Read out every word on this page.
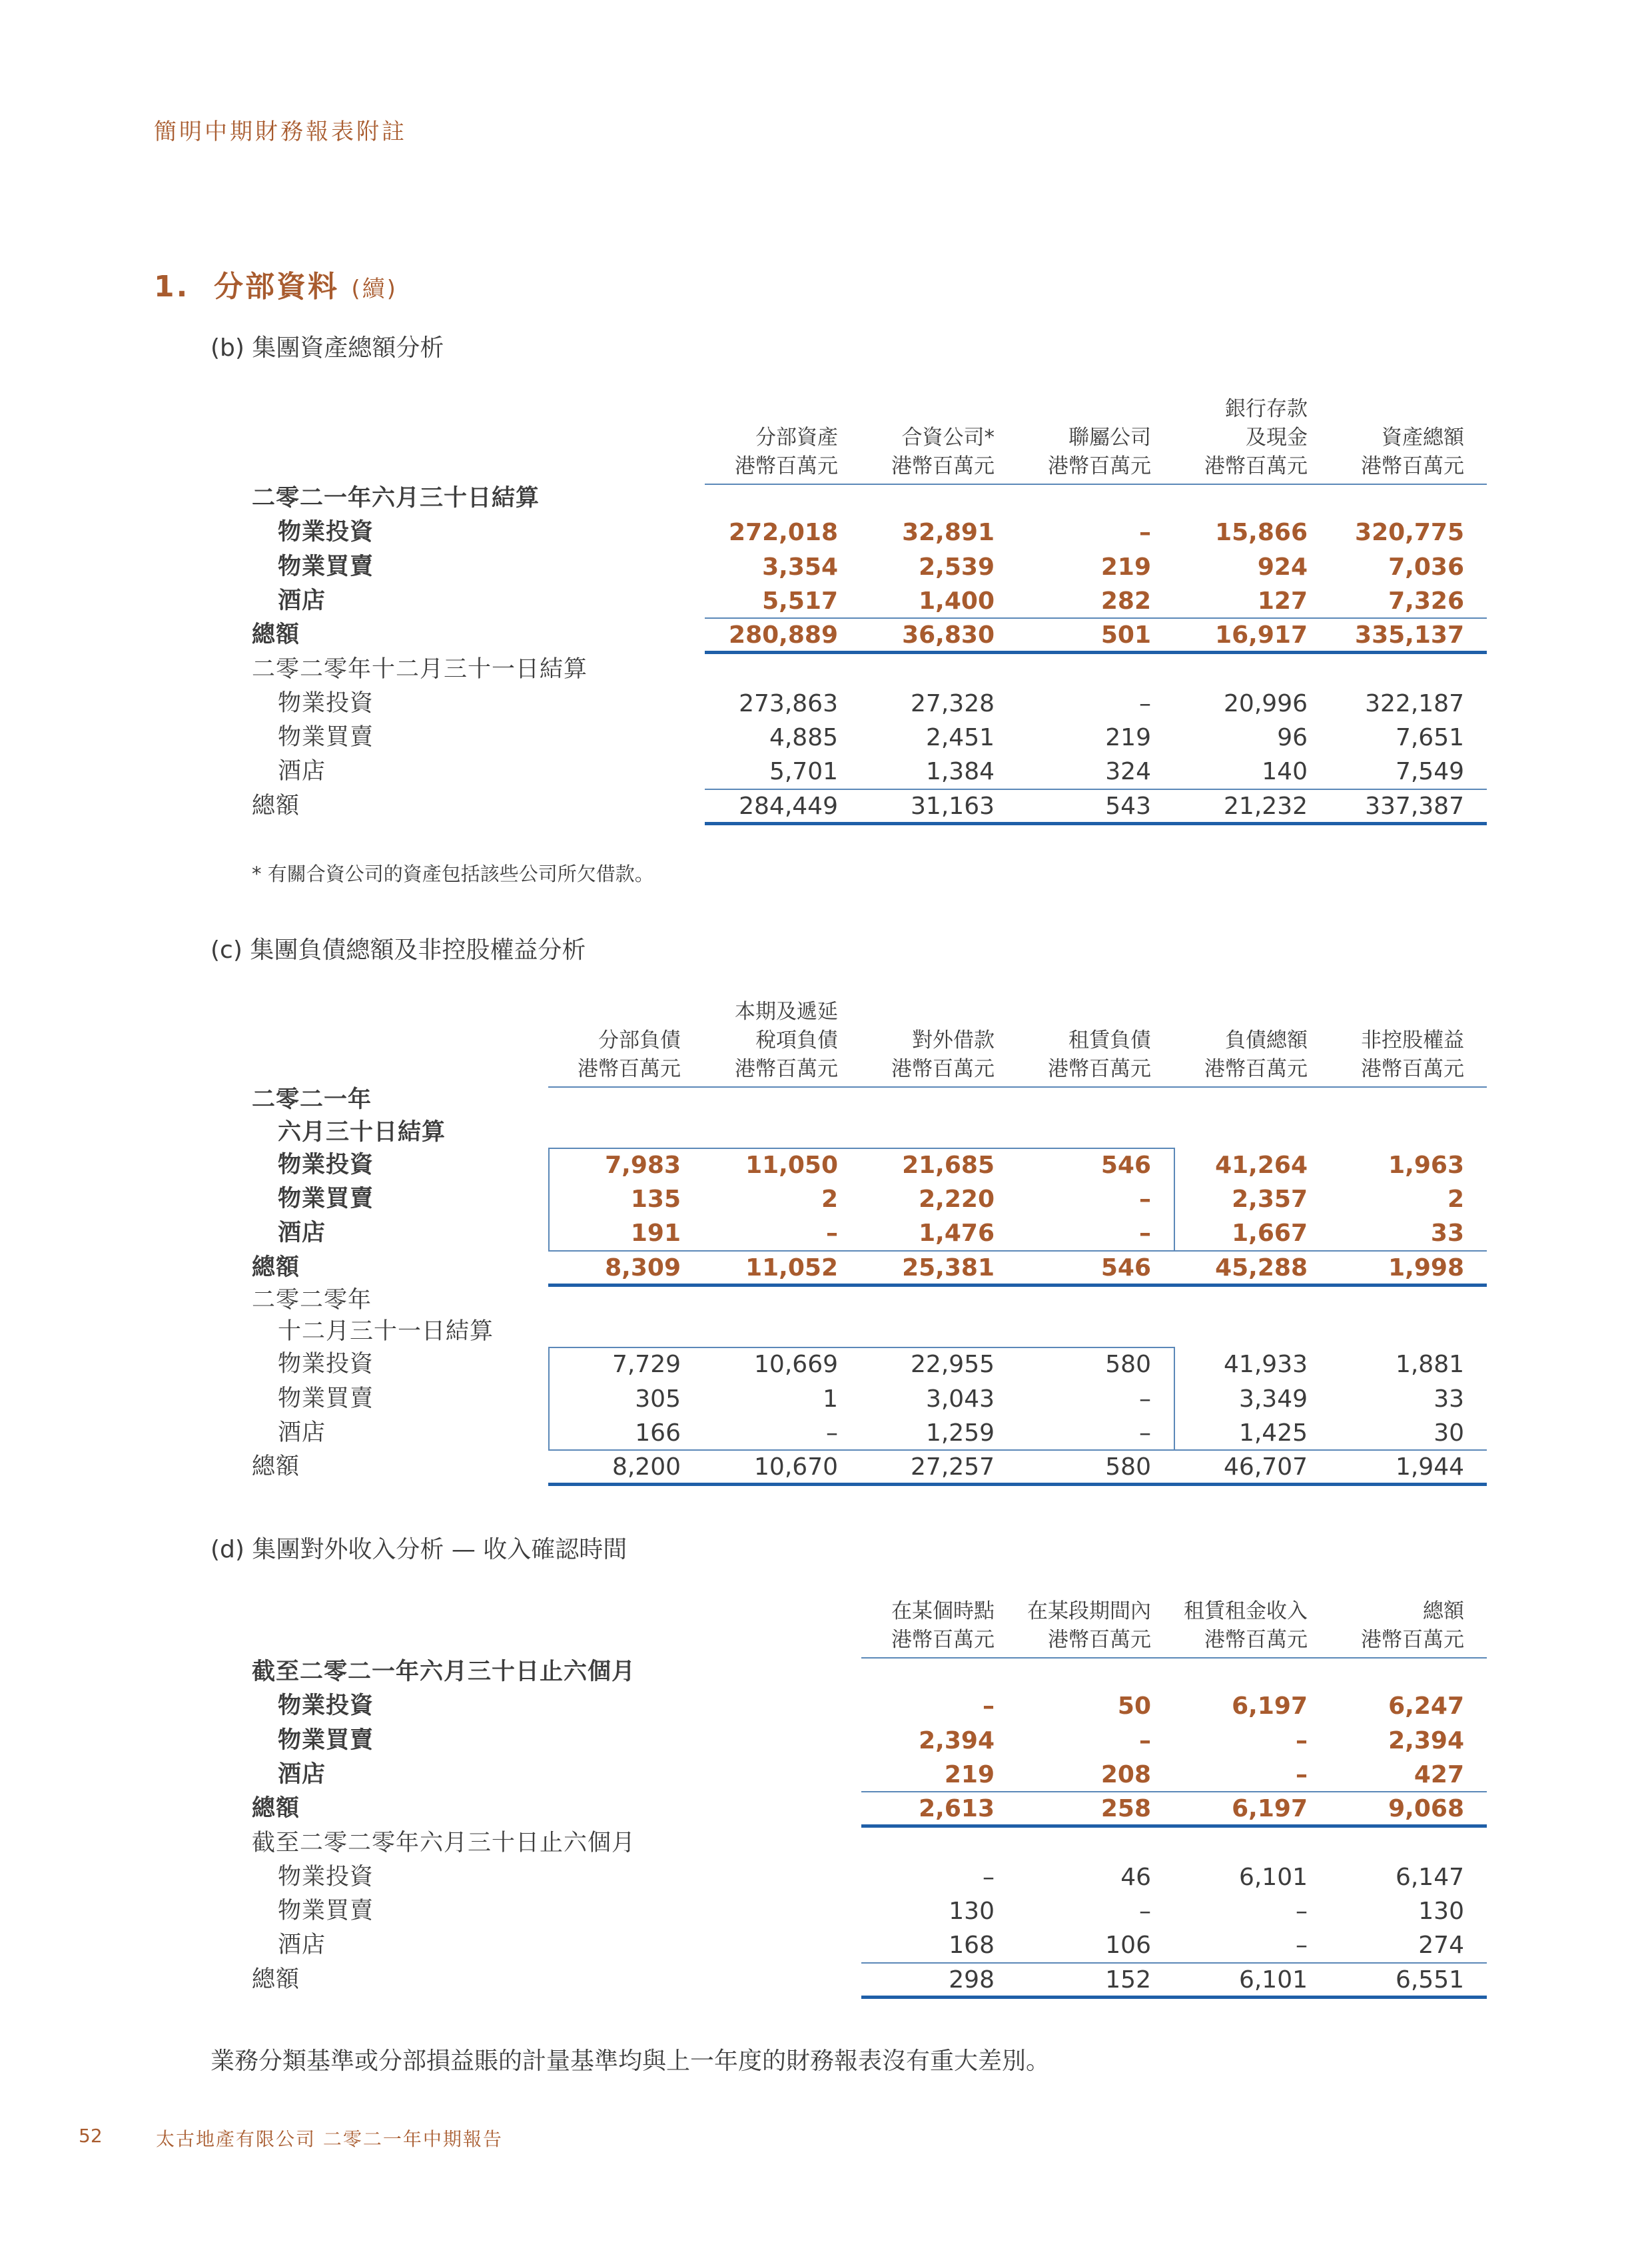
簡明中期財務報表附註
1. 分部資料 (續)
(b) 集團資產總額分析
分部資產
港幣百萬元
合資公司*
港幣百萬元
聯屬公司
港幣百萬元
銀行存款
及現金
港幣百萬元
資產總額
港幣百萬元
二零二一年六月三十日結算
物業投資	272,018	32,891	–	15,866 320,775
物業買賣	3,354	2,539	219	924	7,036
酒店	5,517	1,400	282	127	7,326
總額	280,889	36,830	501	16,917 335,137
二零二零年十二月三十一日結算
物業投資	273,863	27,328	–	20,996 322,187
物業買賣	4,885	2,451	219	96	7,651
酒店	5,701	1,384	324	140	7,549
總額	284,449	31,163	543	21,232 337,387
* 有關合資公司的資產包括該些公司所欠借款。
(c) 集團負債總額及非控股權益分析
分部負債
港幣百萬元
本期及遞延
稅項負債
港幣百萬元
對外借款
港幣百萬元
租賃負債
港幣百萬元
負債總額
港幣百萬元
非控股權益
港幣百萬元
二零二一年
六月三十日結算
物業投資	7,983	11,050	21,685	546	41,264	1,963
物業買賣	135	2	2,220	–	2,357	2
酒店	191	–	1,476	–	1,667	33
總額	8,309	11,052	25,381	546	45,288	1,998
二零二零年
十二月三十一日結算
物業投資	7,729	10,669	22,955	580	41,933	1,881
物業買賣	305	1	3,043	–	3,349	33
酒店	166	–	1,259	–	1,425	30
總額	8,200	10,670	27,257	580	46,707	1,944
(d) 集團對外收入分析 — 收入確認時間
在某個時點
港幣百萬元
在某段期間內
港幣百萬元
租賃租金收入
港幣百萬元
總額
港幣百萬元
截至二零二一年六月三十日止六個月
物業投資	–	50	6,197	6,247
物業買賣	2,394	–	–	2,394
酒店	219	208	–	427
總額	2,613	258	6,197	9,068
截至二零二零年六月三十日止六個月
物業投資	–	46	6,101	6,147
物業買賣	130	–	–	130
酒店	168	106	–	274
總額	298	152	6,101	6,551
業務分類基準或分部損益賬的計量基準均與上一年度的財務報表沒有重大差別。
52	太古地產有限公司 二零二一年中期報告
